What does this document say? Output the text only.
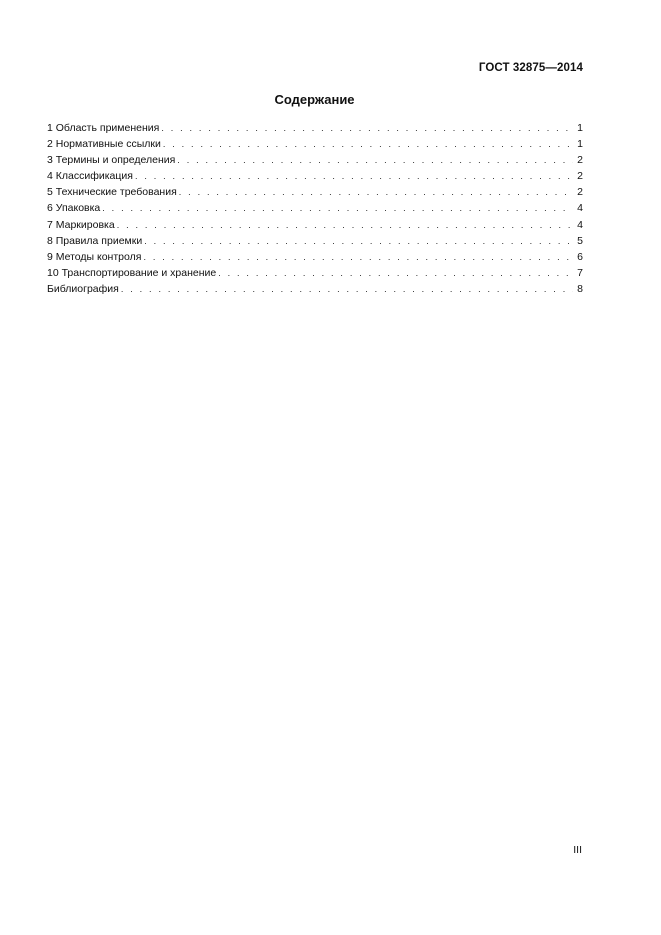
ГОСТ 32875—2014
Содержание
1 Область применения . . .	1
2 Нормативные ссылки . . .	1
3 Термины и определения . . .	2
4 Классификация . . .	2
5 Технические требования . . .	2
6 Упаковка . . .	4
7 Маркировка . . .	4
8 Правила приемки . . .	5
9 Методы контроля . . .	6
10 Транспортирование и хранение . . .	7
Библиография . . .	8
III
